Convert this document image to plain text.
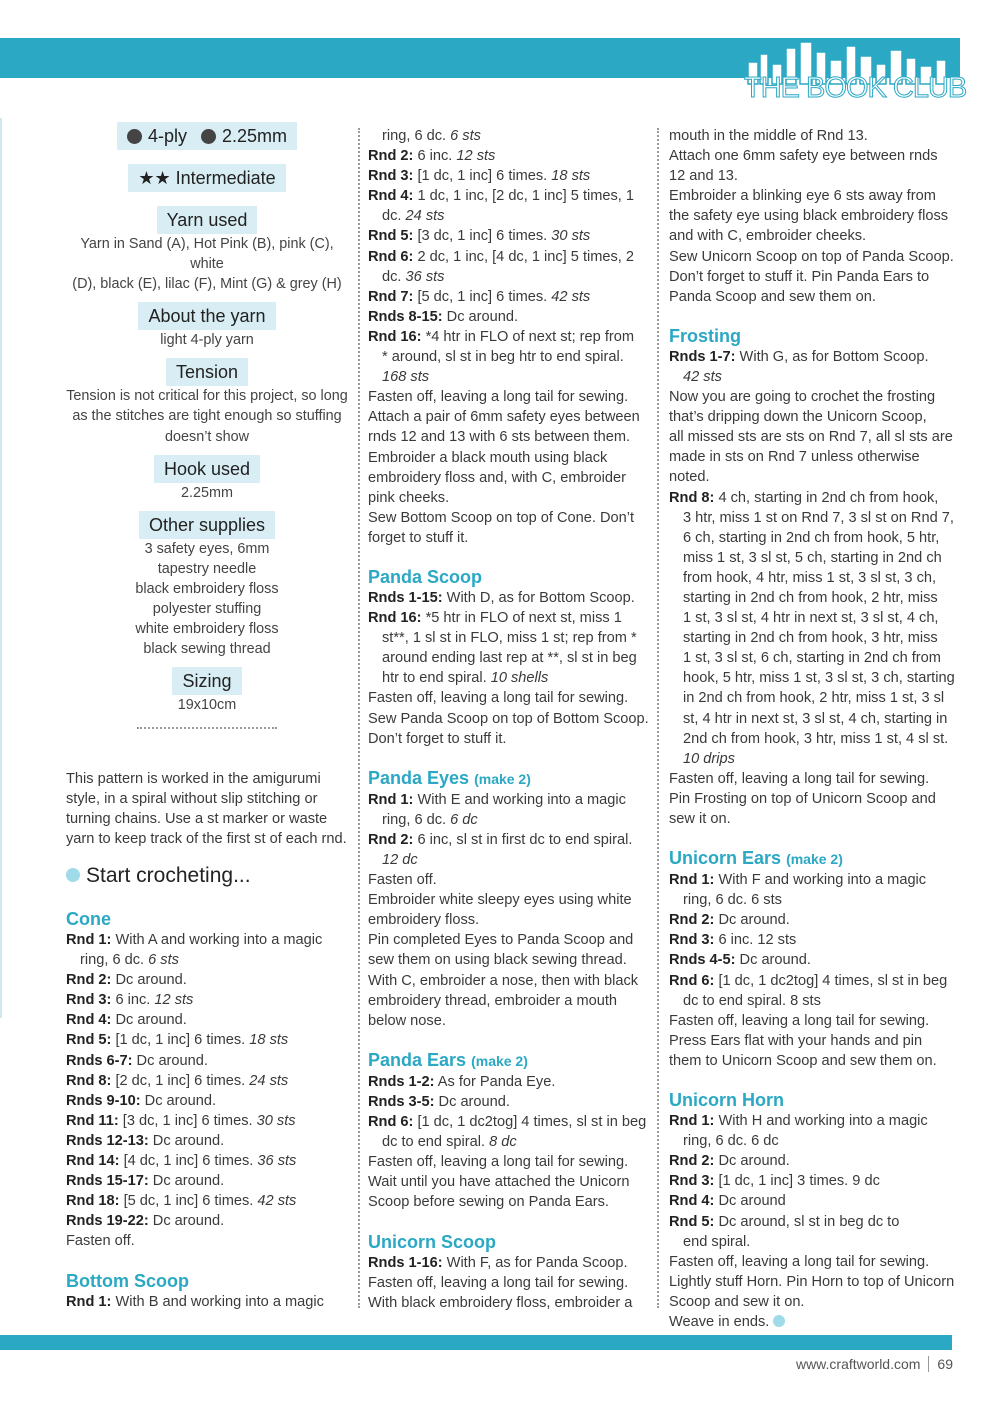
THE BOOK CLUB
4-ply 2.25mm
★★ Intermediate
Yarn used
Yarn in Sand (A), Hot Pink (B), pink (C), white
(D), black (E), lilac (F), Mint (G) & grey (H)
About the yarn
light 4-ply yarn
Tension
Tension is not critical for this project, so long
as the stitches are tight enough so stuffing
doesn’t show
Hook used
2.25mm
Other supplies
3 safety eyes, 6mm
tapestry needle
black embroidery floss
polyester stuffing
white embroidery floss
black sewing thread
Sizing
19x10cm
This pattern is worked in the amigurumi
style, in a spiral without slip stitching or
turning chains. Use a st marker or waste
yarn to keep track of the first st of each rnd.
Start crocheting...
Cone
Rnd 1: With A and working into a magic
ring, 6 dc. 6 sts
Rnd 2: Dc around.
Rnd 3: 6 inc. 12 sts
Rnd 4: Dc around.
Rnd 5: [1 dc, 1 inc] 6 times. 18 sts
Rnds 6-7: Dc around.
Rnd 8: [2 dc, 1 inc] 6 times. 24 sts
Rnds 9-10: Dc around.
Rnd 11: [3 dc, 1 inc] 6 times. 30 sts
Rnds 12-13: Dc around.
Rnd 14: [4 dc, 1 inc] 6 times. 36 sts
Rnds 15-17: Dc around.
Rnd 18: [5 dc, 1 inc] 6 times. 42 sts
Rnds 19-22: Dc around.
Fasten off.
Bottom Scoop
Rnd 1: With B and working into a magic
ring, 6 dc. 6 sts
Rnd 2: 6 inc. 12 sts
Rnd 3: [1 dc, 1 inc] 6 times. 18 sts
Rnd 4: 1 dc, 1 inc, [2 dc, 1 inc] 5 times, 1
dc. 24 sts
Rnd 5: [3 dc, 1 inc] 6 times. 30 sts
Rnd 6: 2 dc, 1 inc, [4 dc, 1 inc] 5 times, 2
dc. 36 sts
Rnd 7: [5 dc, 1 inc] 6 times. 42 sts
Rnds 8-15: Dc around.
Rnd 16: *4 htr in FLO of next st; rep from
* around, sl st in beg htr to end spiral.
168 sts
Fasten off, leaving a long tail for sewing.
Attach a pair of 6mm safety eyes between
rnds 12 and 13 with 6 sts between them.
Embroider a black mouth using black
embroidery floss and, with C, embroider
pink cheeks.
Sew Bottom Scoop on top of Cone. Don’t
forget to stuff it.
Panda Scoop
Rnds 1-15: With D, as for Bottom Scoop.
Rnd 16: *5 htr in FLO of next st, miss 1
st**, 1 sl st in FLO, miss 1 st; rep from *
around ending last rep at **, sl st in beg
htr to end spiral. 10 shells
Fasten off, leaving a long tail for sewing.
Sew Panda Scoop on top of Bottom Scoop.
Don’t forget to stuff it.
Panda Eyes (make 2)
Rnd 1: With E and working into a magic
ring, 6 dc. 6 dc
Rnd 2: 6 inc, sl st in first dc to end spiral.
12 dc
Fasten off.
Embroider white sleepy eyes using white
embroidery floss.
Pin completed Eyes to Panda Scoop and
sew them on using black sewing thread.
With C, embroider a nose, then with black
embroidery thread, embroider a mouth
below nose.
Panda Ears (make 2)
Rnds 1-2: As for Panda Eye.
Rnds 3-5: Dc around.
Rnd 6: [1 dc, 1 dc2tog] 4 times, sl st in beg
dc to end spiral. 8 dc
Fasten off, leaving a long tail for sewing.
Wait until you have attached the Unicorn
Scoop before sewing on Panda Ears.
Unicorn Scoop
Rnds 1-16: With F, as for Panda Scoop.
Fasten off, leaving a long tail for sewing.
With black embroidery floss, embroider a
mouth in the middle of Rnd 13.
Attach one 6mm safety eye between rnds
12 and 13.
Embroider a blinking eye 6 sts away from
the safety eye using black embroidery floss
and with C, embroider cheeks.
Sew Unicorn Scoop on top of Panda Scoop.
Don’t forget to stuff it. Pin Panda Ears to
Panda Scoop and sew them on.
Frosting
Rnds 1-7: With G, as for Bottom Scoop.
42 sts
Now you are going to crochet the frosting
that’s dripping down the Unicorn Scoop,
all missed sts are sts on Rnd 7, all sl sts are
made in sts on Rnd 7 unless otherwise noted.
Rnd 8: 4 ch, starting in 2nd ch from hook,
3 htr, miss 1 st on Rnd 7, 3 sl st on Rnd 7,
6 ch, starting in 2nd ch from hook, 5 htr,
miss 1 st, 3 sl st, 5 ch, starting in 2nd ch
from hook, 4 htr, miss 1 st, 3 sl st, 3 ch,
starting in 2nd ch from hook, 2 htr, miss
1 st, 3 sl st, 4 htr in next st, 3 sl st, 4 ch,
starting in 2nd ch from hook, 3 htr, miss
1 st, 3 sl st, 6 ch, starting in 2nd ch from
hook, 5 htr, miss 1 st, 3 sl st, 3 ch, starting
in 2nd ch from hook, 2 htr, miss 1 st, 3 sl
st, 4 htr in next st, 3 sl st, 4 ch, starting in
2nd ch from hook, 3 htr, miss 1 st, 4 sl st.
10 drips
Fasten off, leaving a long tail for sewing.
Pin Frosting on top of Unicorn Scoop and
sew it on.
Unicorn Ears (make 2)
Rnd 1: With F and working into a magic
ring, 6 dc. 6 sts
Rnd 2: Dc around.
Rnd 3: 6 inc. 12 sts
Rnds 4-5: Dc around.
Rnd 6: [1 dc, 1 dc2tog] 4 times, sl st in beg
dc to end spiral. 8 sts
Fasten off, leaving a long tail for sewing.
Press Ears flat with your hands and pin
them to Unicorn Scoop and sew them on.
Unicorn Horn
Rnd 1: With H and working into a magic
ring, 6 dc. 6 dc
Rnd 2: Dc around.
Rnd 3: [1 dc, 1 inc] 3 times. 9 dc
Rnd 4: Dc around
Rnd 5: Dc around, sl st in beg dc to
end spiral.
Fasten off, leaving a long tail for sewing.
Lightly stuff Horn. Pin Horn to top of Unicorn
Scoop and sew it on.
Weave in ends.
www.craftworld.com 69
